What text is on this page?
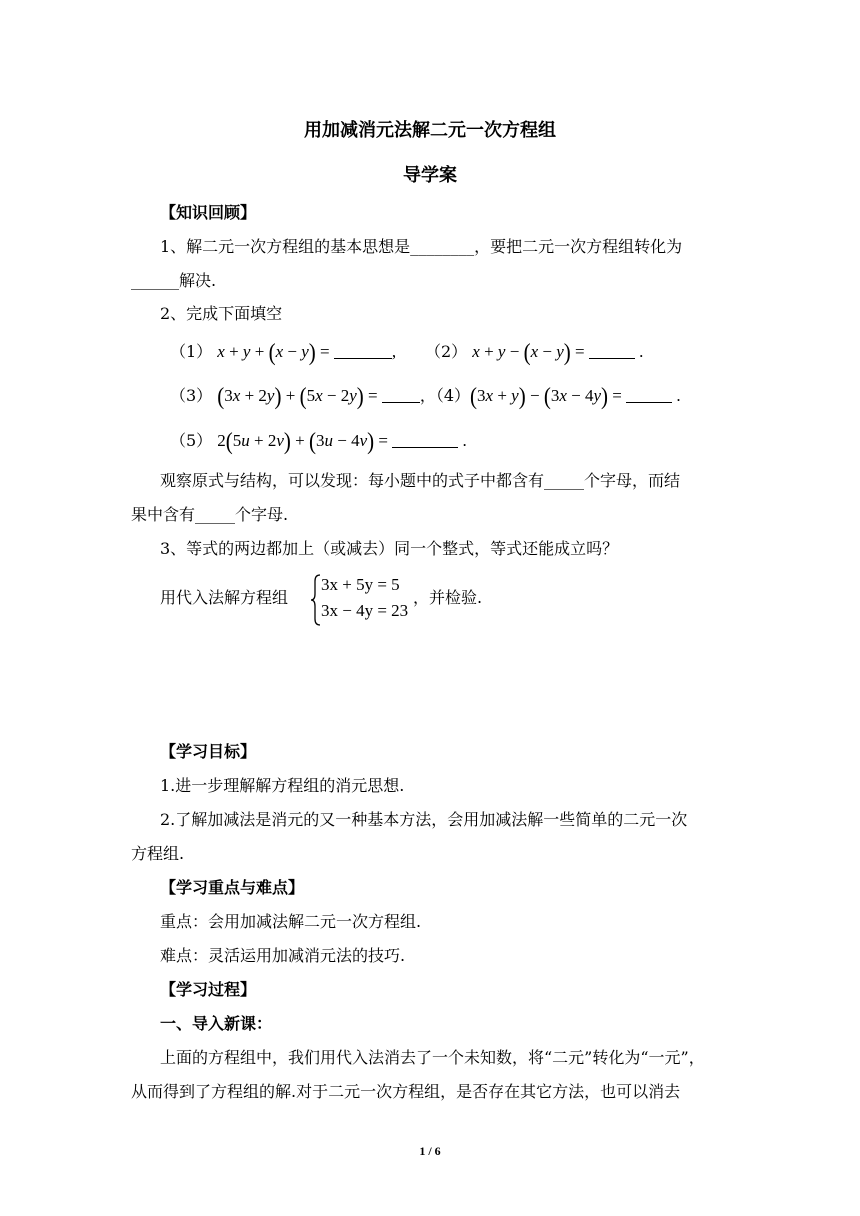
用加减消元法解二元一次方程组
导学案
【知识回顾】
1、解二元一次方程组的基本思想是________，要把二元一次方程组转化为
______解决.
2、完成下面填空
（1） x + y + (x − y) =	, （2） x + y − (x − y) =	.
（3） (3x + 2y) + (5x − 2y) = ，（4）(3x + y) − (3x − 4y) =	.
（5） 2(5u + 2v) + (3u − 4v) =	.
观察原式与结构，可以发现：每小题中的式子中都含有_____个字母，而结
果中含有_____个字母.
3、等式的两边都加上（或减去）同一个整式，等式还能成立吗？
用代入法解方程组
3x + 5y = 5
3x − 4y = 23
，并检验.
【学习目标】
1.进一步理解解方程组的消元思想.
2.了解加减法是消元的又一种基本方法，会用加减法解一些简单的二元一次
方程组.
【学习重点与难点】
重点：会用加减法解二元一次方程组.
难点：灵活运用加减消元法的技巧.
【学习过程】
一、导入新课：
上面的方程组中，我们用代入法消去了一个未知数，将“二元”转化为“一元”，
从而得到了方程组的解.对于二元一次方程组，是否存在其它方法，也可以消去
1 / 6
